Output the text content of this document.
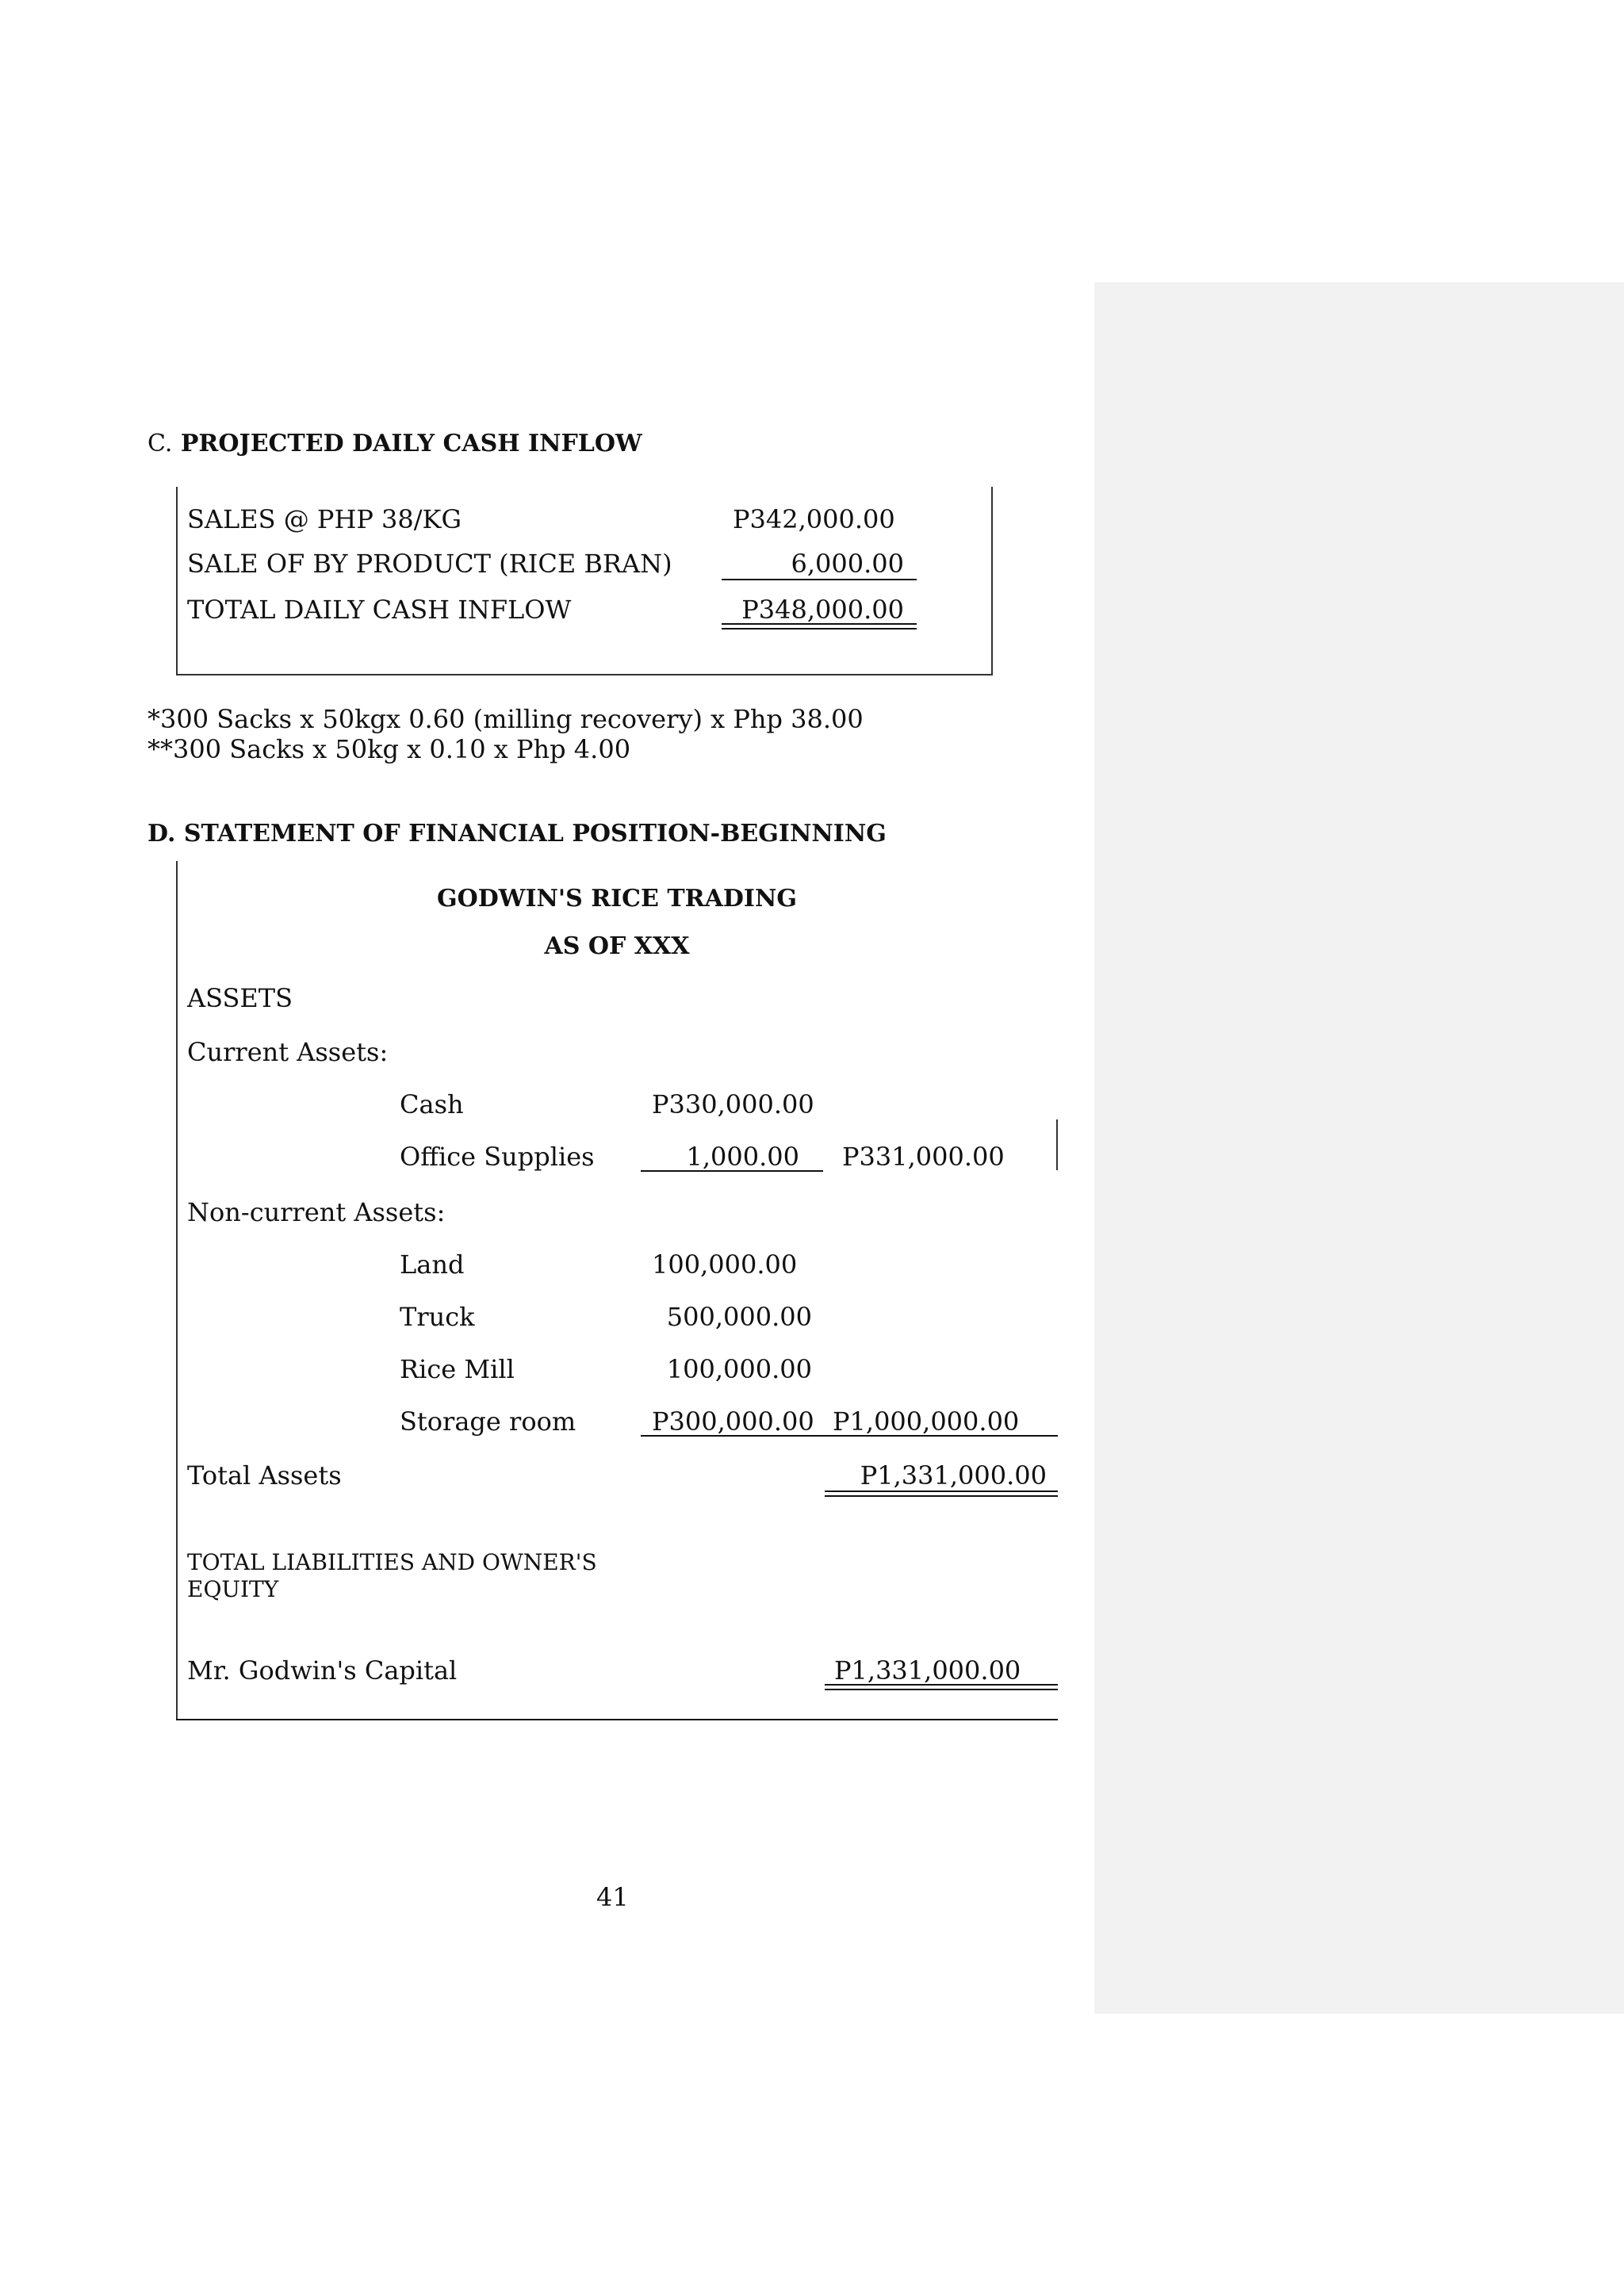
C. PROJECTED DAILY CASH INFLOW
SALES @ PHP 38/KG	P342,000.00
SALE OF BY PRODUCT (RICE BRAN)	6,000.00
TOTAL DAILY CASH INFLOW	P348,000.00
*300 Sacks x 50kgx 0.60 (milling recovery) x Php 38.00
**300 Sacks x 50kg x 0.10 x Php 4.00
D. STATEMENT OF FINANCIAL POSITION-BEGINNING
GODWIN'S RICE TRADING
AS OF XXX
ASSETS
Current Assets:
Cash	P330,000.00
Office Supplies	1,000.00 P331,000.00
Non-current Assets:
Land	100,000.00
Truck	500,000.00
Rice Mill	100,000.00
Storage room	P300,000.00 P1,000,000.00
Total Assets	P1,331,000.00
TOTAL LIABILITIES AND OWNER'S
EQUITY
Mr. Godwin's Capital	P1,331,000.00
41
